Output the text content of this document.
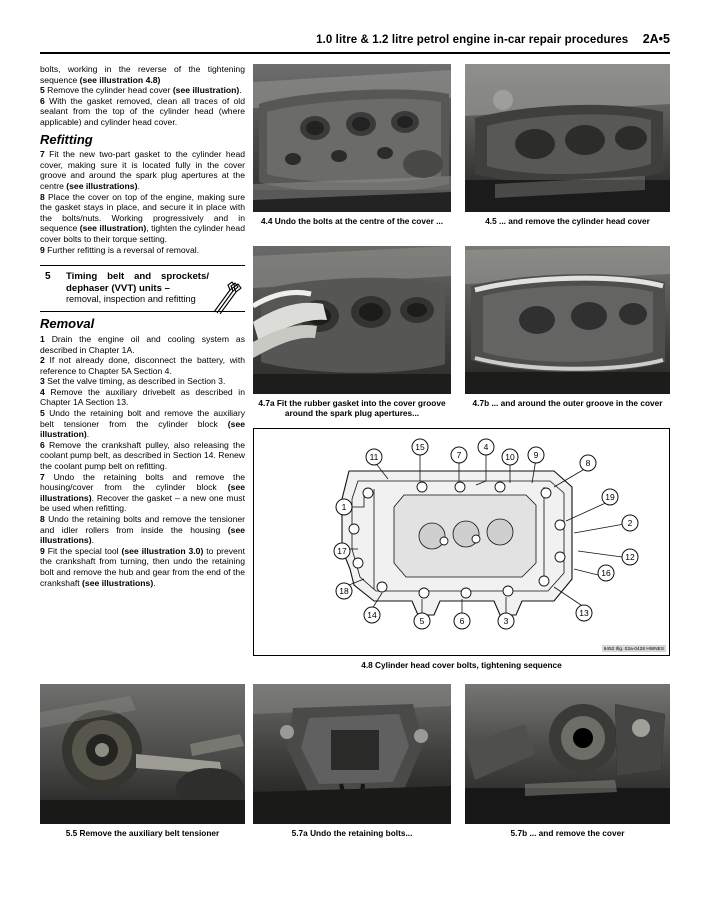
1.0 litre & 1.2 litre petrol engine in-car repair procedures 2A•5

bolts, working in the reverse of the tightening sequence (see illustration 4.8)

5 Remove the cylinder head cover (see illustration).

6 With the gasket removed, clean all traces of old sealant from the top of the cylinder head (where applicable) and cylinder head cover.

Refitting

7 Fit the new two-part gasket to the cylinder head cover, making sure it is located fully in the cover groove and around the spark plug apertures at the centre (see illustrations).

8 Place the cover on top of the engine, making sure the gasket stays in place, and secure it in place with the bolts/nuts. Working progressively and in sequence (see illustration), tighten the cylinder head cover bolts to their torque setting.

9 Further refitting is a reversal of removal.

5 Timing belt and sprockets/ dephaser (VVT) units –
removal, inspection and refitting
Removal

1 Drain the engine oil and cooling system as described in Chapter 1A.

2 If not already done, disconnect the battery, with reference to Chapter 5A Section 4.

3 Set the valve timing, as described in Section 3.

4 Remove the auxiliary drivebelt as described in Chapter 1A Section 13.

5 Undo the retaining bolt and remove the auxiliary belt tensioner from the cylinder block (see illustration).

6 Remove the crankshaft pulley, also releasing the coolant pump belt, as described in Section 14. Renew the coolant pump belt on refitting.

7 Undo the retaining bolts and remove the housing/cover from the cylinder block (see illustrations). Recover the gasket – a new one must be used when refitting.

8 Undo the retaining bolts and remove the tensioner and idler rollers from inside the housing (see illustrations).

9 Fit the special tool (see illustration 3.0) to prevent the crankshaft from turning, then undo the retaining bolt and remove the hub and gear from the end of the crankshaft (see illustrations).

4.4 Undo the bolts at the centre of the cover ...	4.5 ... and remove the cylinder head cover
4.7a Fit the rubber gasket into the cover groove around the spark plug apertures...
4.7b ... and around the outer groove in the cover
1
2
3
4
5	6
7
8
9
10
11
12
13
14
15
16
17
18
19
6452 Illg. 02a-0428 HWNES
4.8 Cylinder head cover bolts, tightening sequence
5.5 Remove the auxiliary belt tensioner	5.7a Undo the retaining bolts...	5.7b ... and remove the cover
